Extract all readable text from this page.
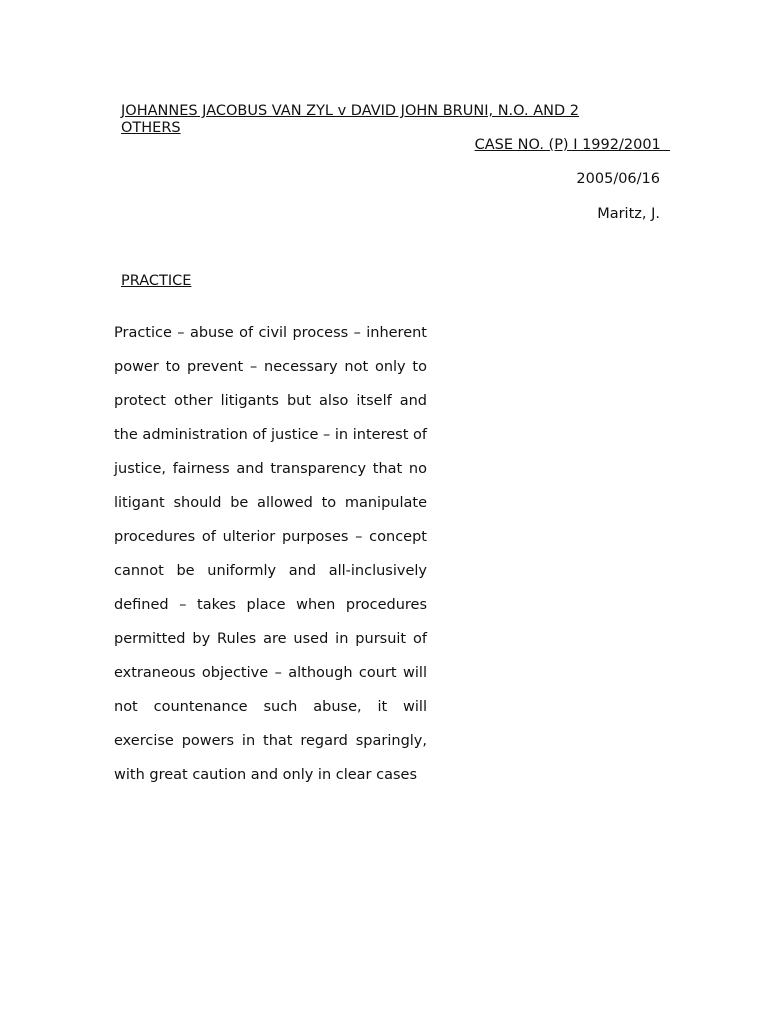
JOHANNES JACOBUS VAN ZYL v DAVID JOHN BRUNI, N.O. AND 2 OTHERS
CASE NO. (P) I 1992/2001
2005/06/16
Maritz, J.
PRACTICE

Practice – abuse of civil process – inherent power to prevent – necessary not only to protect other litigants but also itself and the administration of justice – in interest of justice, fairness and transparency that no litigant should be allowed to manipulate procedures of ulterior purposes – concept cannot be uniformly and all-inclusively defined – takes place when procedures permitted by Rules are used in pursuit of extraneous objective – although court will not countenance such abuse, it will exercise powers in that regard sparingly, with great caution and only in clear cases
